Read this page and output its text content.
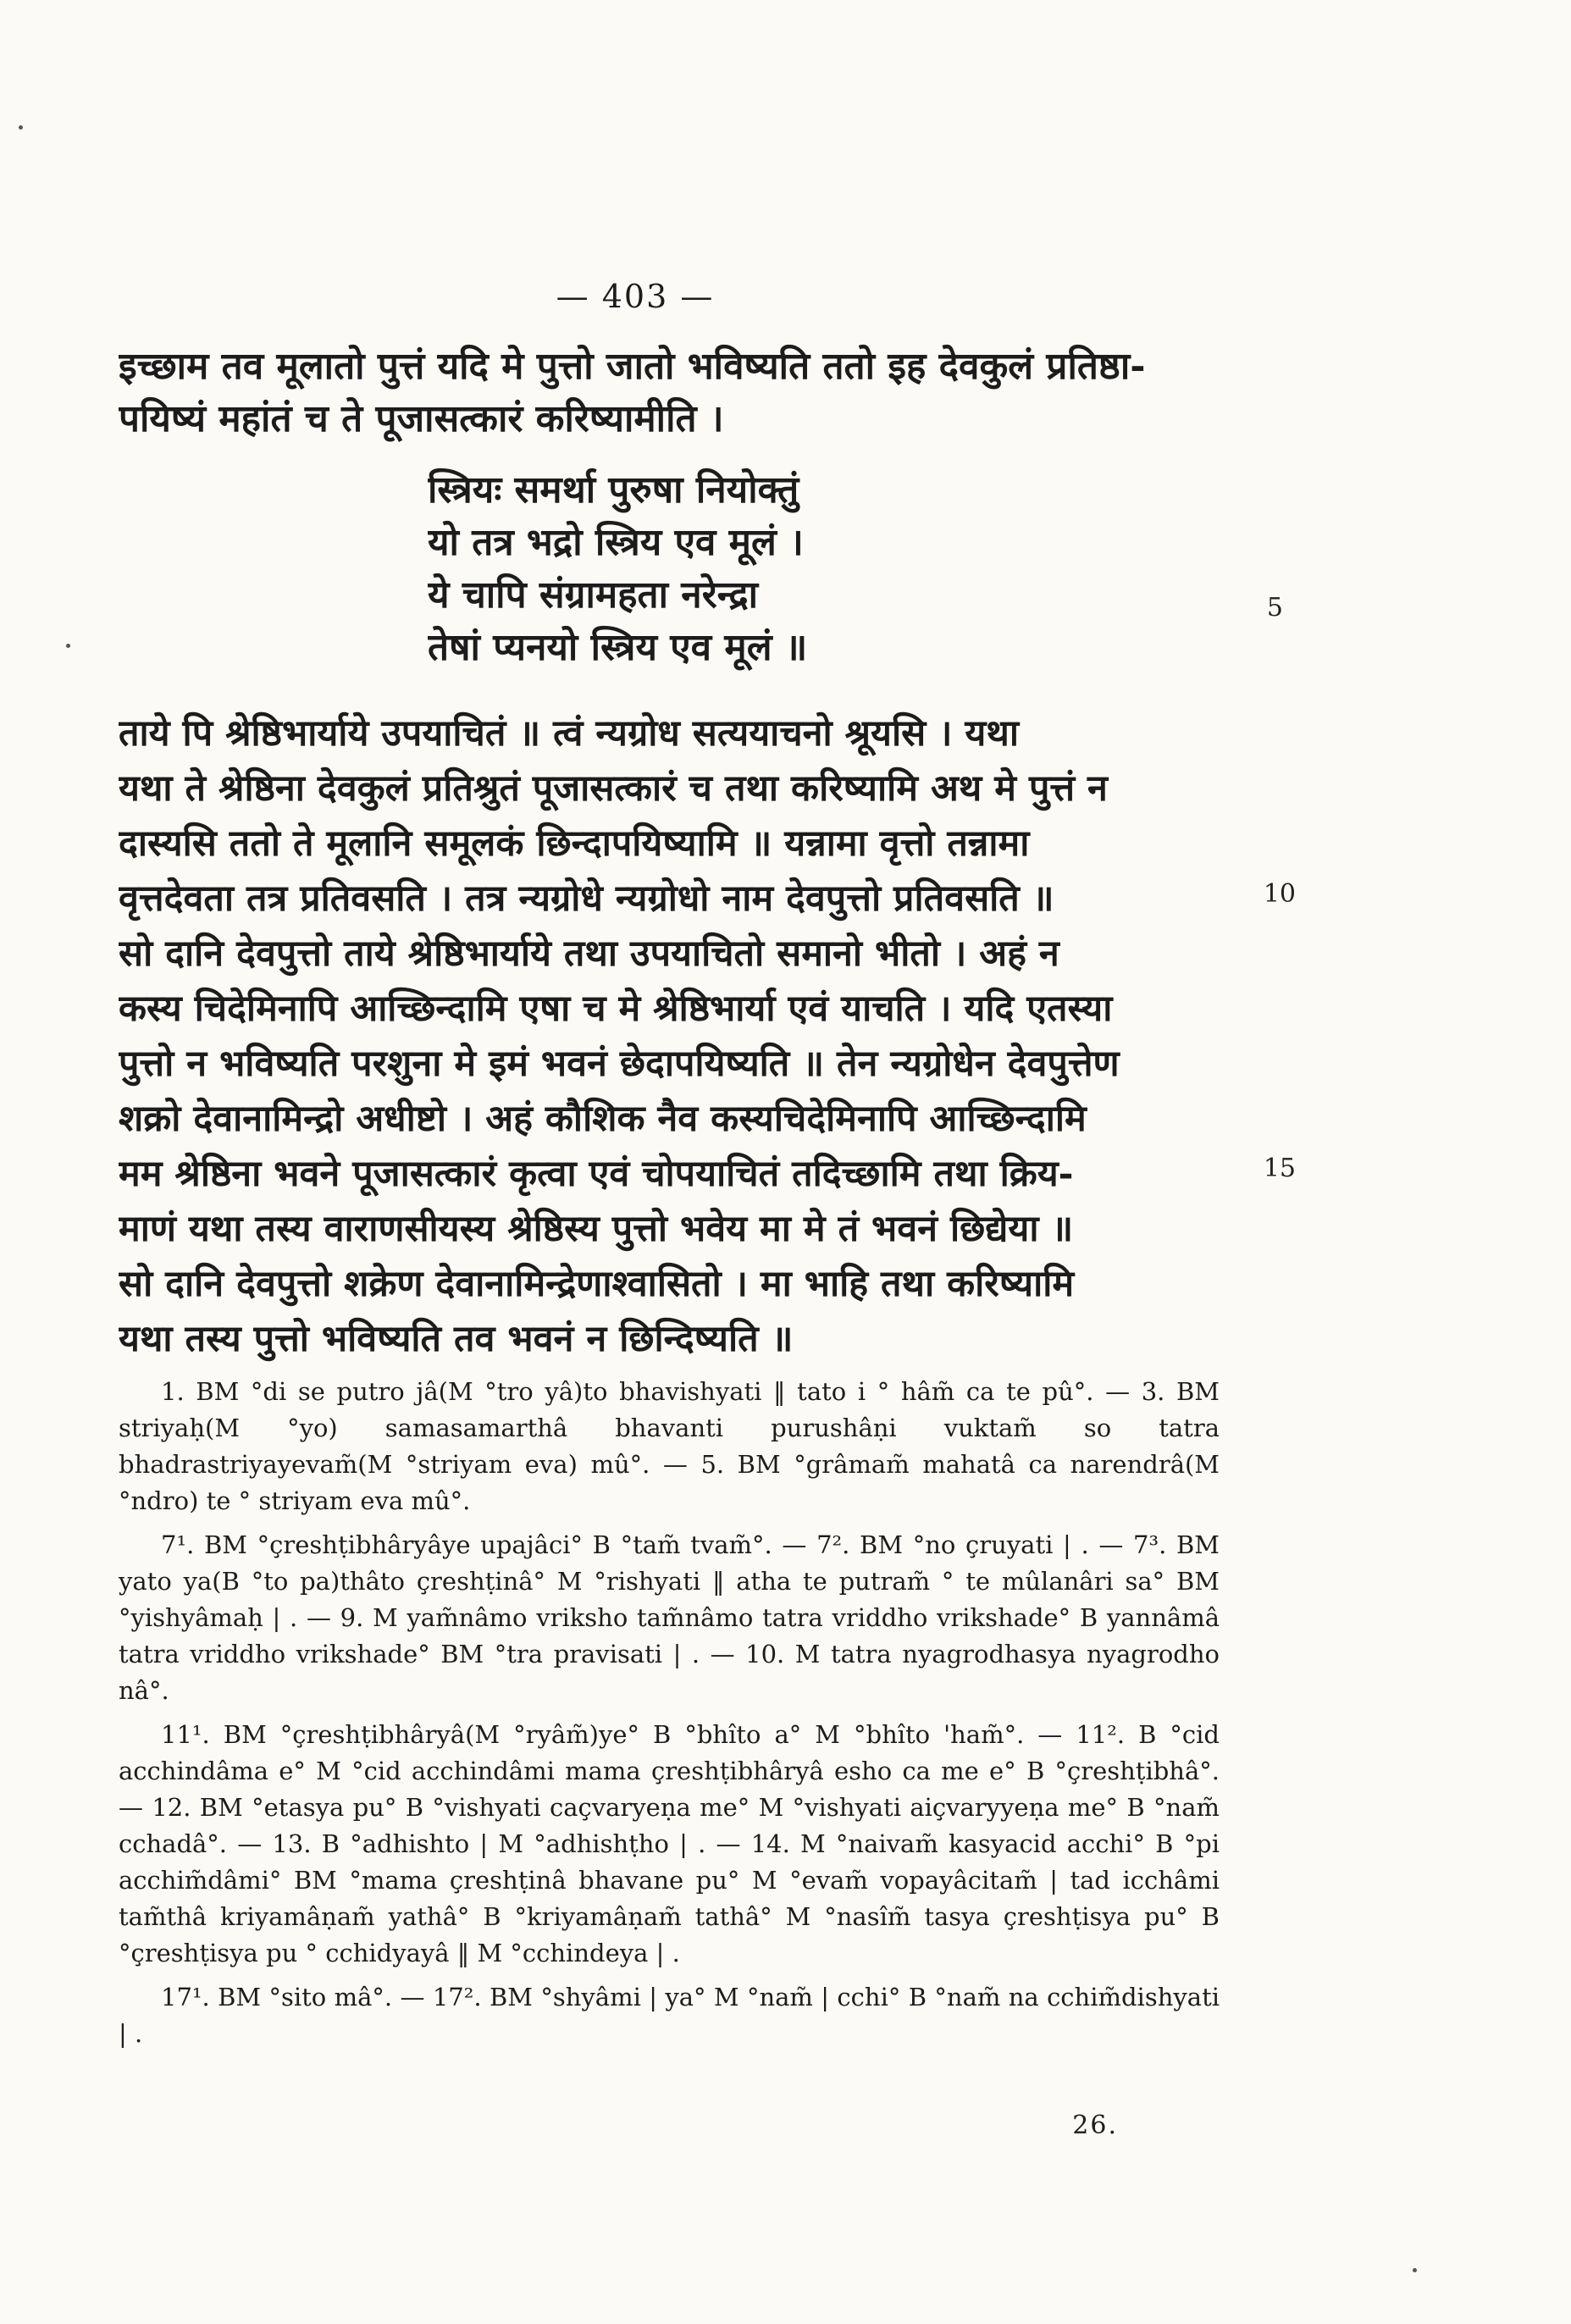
— 403 —
इच्छाम तव मूलातो पुत्तं यदि मे पुत्तो जातो भविष्यति ततो इह देवकुलं प्रतिष्ठा-
पयिष्यं महांतं च ते पूजासत्कारं करिष्यामीति ।
स्त्रियः समर्था पुरुषा नियोक्तुं
यो तत्र भद्रो स्त्रिय एव मूलं ।
ये चापि संग्रामहता नरेन्द्रा
तेषां प्यनयो स्त्रिय एव मूलं ॥
5
10
15
ताये पि श्रेष्ठिभार्याये उपयाचितं ॥ त्वं न्यग्रोध सत्ययाचनो श्रूयसि । यथा
यथा ते श्रेष्ठिना देवकुलं प्रतिश्रुतं पूजासत्कारं च तथा करिष्यामि अथ मे पुत्तं न
दास्यसि ततो ते मूलानि समूलकं छिन्दापयिष्यामि ॥ यन्नामा वृत्तो तन्नामा
वृत्तदेवता तत्र प्रतिवसति । तत्र न्यग्रोधे न्यग्रोधो नाम देवपुत्तो प्रतिवसति ॥
सो दानि देवपुत्तो ताये श्रेष्ठिभार्याये तथा उपयाचितो समानो भीतो । अहं न
कस्य चिदेमिनापि आच्छिन्दामि एषा च मे श्रेष्ठिभार्या एवं याचति । यदि एतस्या
पुत्तो न भविष्यति परशुना मे इमं भवनं छेदापयिष्यति ॥ तेन न्यग्रोधेन देवपुत्तेण
शक्रो देवानामिन्द्रो अधीष्टो । अहं कौशिक नैव कस्यचिदेमिनापि आच्छिन्दामि
मम श्रेष्ठिना भवने पूजासत्कारं कृत्वा एवं चोपयाचितं तदिच्छामि तथा क्रिय-
माणं यथा तस्य वाराणसीयस्य श्रेष्ठिस्य पुत्तो भवेय मा मे तं भवनं छिद्येया ॥
सो दानि देवपुत्तो शक्रेण देवानामिन्द्रेणाश्वासितो । मा भाहि तथा करिष्यामि
यथा तस्य पुत्तो भविष्यति तव भवनं न छिन्दिष्यति ॥

1. BM °di se putro jâ(M °tro yâ)to bhavishyati ‖ tato i ° hâm̃ ca te pû°. — 3. BM striyaḥ(M °yo) samasamarthâ bhavanti purushâṇi vuktam̃ so tatra bhadrastriyayevam̃(M °striyam eva) mû°. — 5. BM °grâmam̃ mahatâ ca narendrâ(M °ndro) te ° striyam eva mû°.

7¹. BM °çreshṭibhâryâye upajâci° B °tam̃ tvam̃°. — 7². BM °no çruyati | . — 7³. BM yato ya(B °to pa)thâto çreshṭinâ° M °rishyati ‖ atha te putram̃ ° te mûlanâri sa° BM °yishyâmaḥ | . — 9. M yam̃nâmo vriksho tam̃nâmo tatra vriddho vrikshade° B yannâmâ tatra vriddho vrikshade° BM °tra pravisati | . — 10. M tatra nyagrodhasya nyagrodho nâ°.

11¹. BM °çreshṭibhâryâ(M °ryâm̃)ye° B °bhîto a° M °bhîto 'ham̃°. — 11². B °cid acchindâma e° M °cid acchindâmi mama çreshṭibhâryâ esho ca me e° B °çreshṭibhâ°. — 12. BM °etasya pu° B °vishyati caçvaryeṇa me° M °vishyati aiçvaryyeṇa me° B °nam̃ cchadâ°. — 13. B °adhishto | M °adhishṭho | . — 14. M °naivam̃ kasyacid acchi° B °pi acchim̃dâmi° BM °mama çreshṭinâ bhavane pu° M °evam̃ vopayâcitam̃ | tad icchâmi tam̃thâ kriyamâṇam̃ yathâ° B °kriyamâṇam̃ tathâ° M °nasîm̃ tasya çreshṭisya pu° B °çreshṭisya pu ° cchidyayâ ‖ M °cchindeya | .

17¹. BM °sito mâ°. — 17². BM °shyâmi | ya° M °nam̃ | cchi° B °nam̃ na cchim̃dishyati | .

26.
